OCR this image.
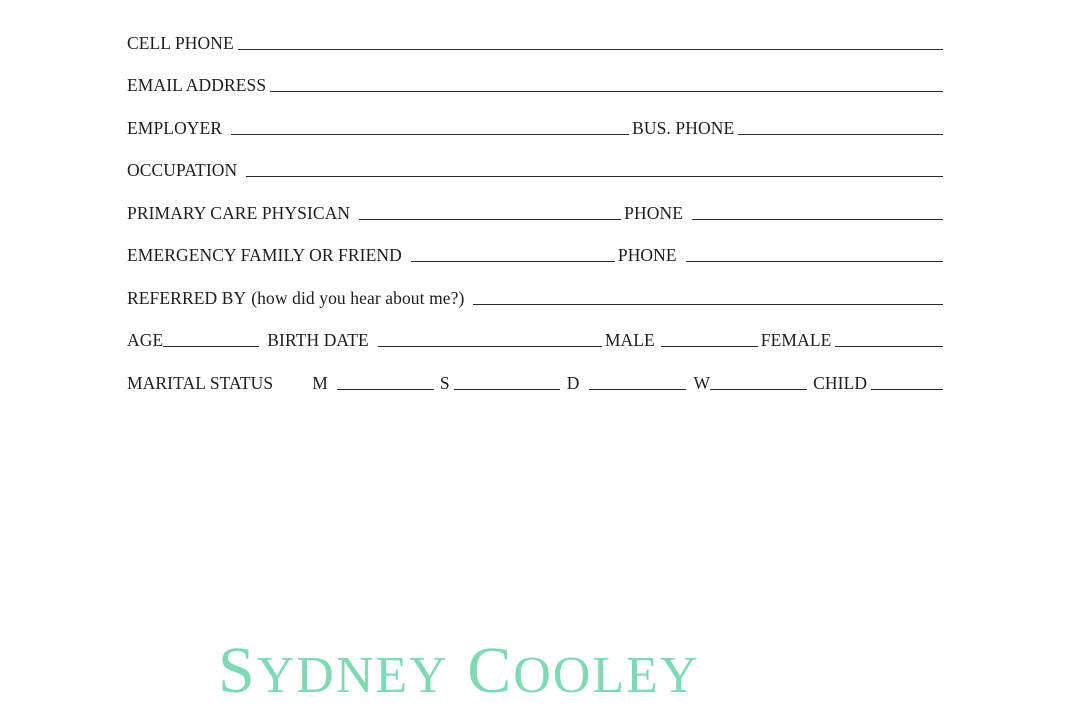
CELL PHONE
EMAIL ADDRESS
EMPLOYER	BUS. PHONE
OCCUPATION
PRIMARY CARE PHYSICAN	PHONE
EMERGENCY FAMILY OR FRIEND	PHONE
REFERRED BY (how did you hear about me?)
AGE	BIRTH DATE	MALE	FEMALE
MARITAL STATUS M	S	D	W	CHILD
SYDNEY COOLEY
